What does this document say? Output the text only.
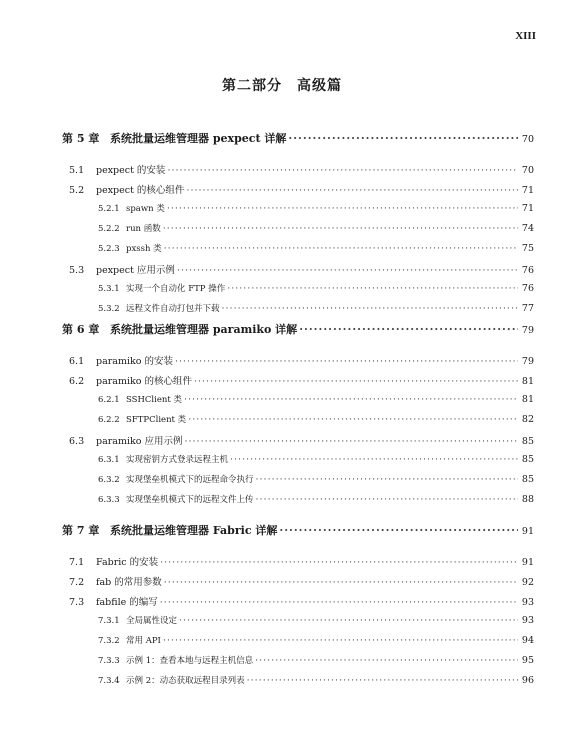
XIII
第二部分　高级篇
第 5 章 系统批量运维管理器 pexpect 详解 ·····	70
5.1	pexpect 的安装 ·····	70
5.2	pexpect 的核心组件 ·····	71
5.2.1 spawn 类 ·····	71
5.2.2 run 函数 ·····	74
5.2.3 pxssh 类 ·····	75
5.3	pexpect 应用示例 ·····	76
5.3.1 实现一个自动化 FTP 操作 ·····	76
5.3.2 远程文件自动打包并下载 ·····	77
第 6 章 系统批量运维管理器 paramiko 详解 ·····	79
6.1	paramiko 的安装 ·····	79
6.2	paramiko 的核心组件 ·····	81
6.2.1 SSHClient 类 ·····	81
6.2.2 SFTPClient 类 ·····	82
6.3	paramiko 应用示例 ·····	85
6.3.1 实现密钥方式登录远程主机 ·····	85
6.3.2 实现堡垒机模式下的远程命令执行 ·····	85
6.3.3 实现堡垒机模式下的远程文件上传 ·····	88
第 7 章 系统批量运维管理器 Fabric 详解 ·····	91
7.1	Fabric 的安装 ·····	91
7.2	fab 的常用参数 ·····	92
7.3	fabfile 的编写 ·····	93
7.3.1 全局属性设定 ·····	93
7.3.2 常用 API ·····	94
7.3.3 示例 1：查看本地与远程主机信息 ·····	95
7.3.4 示例 2：动态获取远程目录列表 ·····	96
